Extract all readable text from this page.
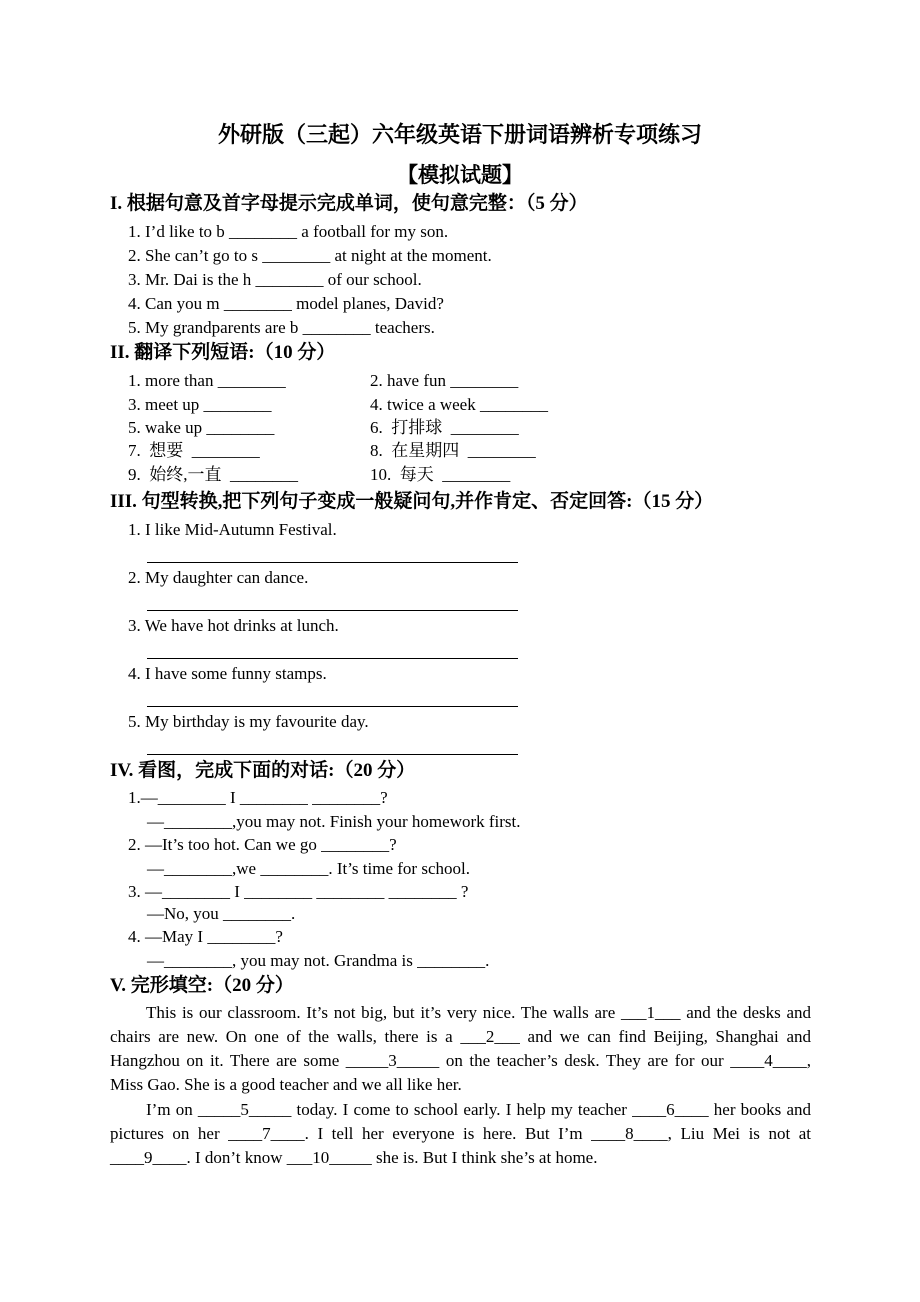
外研版（三起）六年级英语下册词语辨析专项练习
【模拟试题】
I. 根据句意及首字母提示完成单词，使句意完整：（5 分）
1. I’d like to b ________ a football for my son.
2. She can’t go to s ________ at night at the moment.
3. Mr. Dai is the h ________ of our school.
4. Can you m ________ model planes, David?
5. My grandparents are b ________ teachers.
II. 翻译下列短语:（10 分）
1. more than ________
3. meet up ________
5. wake up ________
7.  想要  ________
9.  始终,一直  ________
2. have fun ________
4. twice a week ________
6.  打排球  ________
8.  在星期四  ________
10.  每天  ________
III. 句型转换,把下列句子变成一般疑问句,并作肯定、否定回答:（15 分）
1. I like Mid-Autumn Festival.
2. My daughter can dance.
3. We have hot drinks at lunch.
4. I have some funny stamps.
5. My birthday is my favourite day.
IV. 看图，完成下面的对话:（20 分）
1.—________ I ________ ________?
—________,you may not. Finish your homework first.
2. —It’s too hot. Can we go ________?
—________,we ________. It’s time for school.
3. —________ I ________ ________ ________ ?
—No, you ________.
4. —May I ________?
—________, you may not. Grandma is ________.
V. 完形填空:（20 分）
This is our classroom. It’s not big, but it’s very nice. The walls are ___1___ and the desks and chairs are new. On one of the walls, there is a ___2___ and we can find Beijing, Shanghai and Hangzhou on it. There are some _____3_____ on the teacher’s desk. They are for our ____4____, Miss Gao. She is a good teacher and we all like her.
I’m on _____5_____ today. I come to school early. I help my teacher ____6____ her books and pictures on her ____7____. I tell her everyone is here. But I’m ____8____, Liu Mei is not at ____9____. I don’t know ___10_____ she is. But I think she’s at home.
